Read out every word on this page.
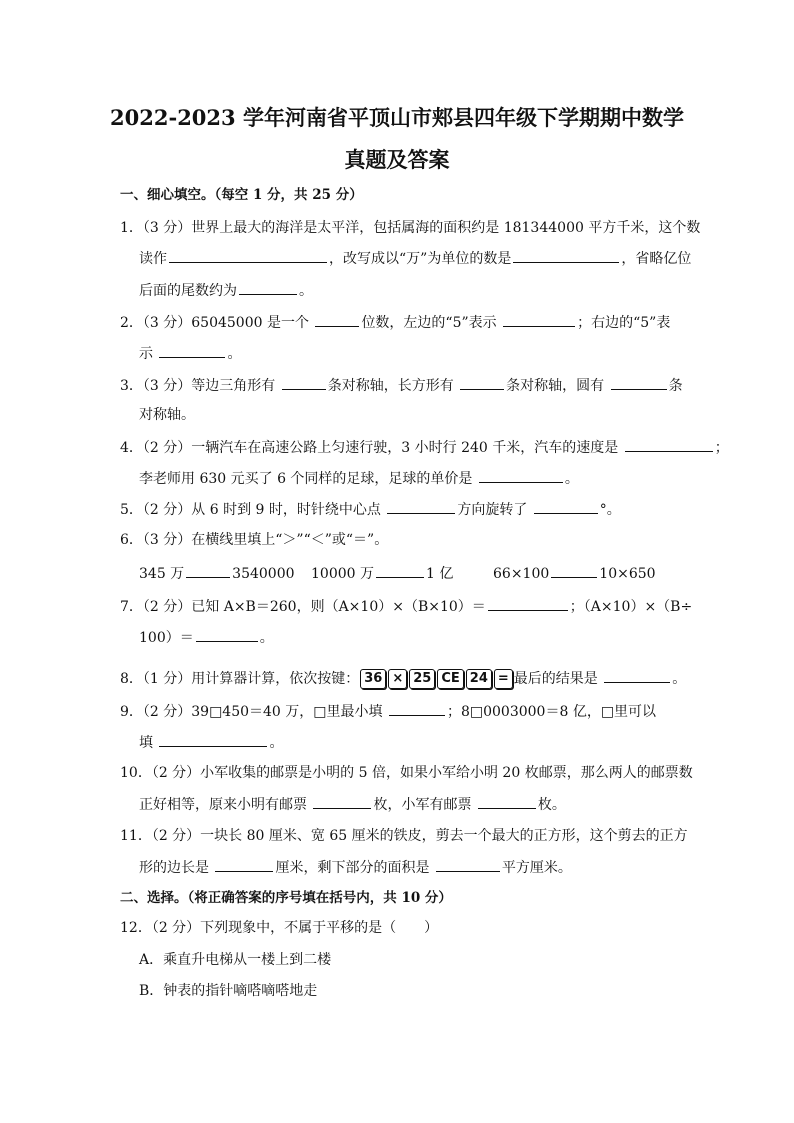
2022-2023 学年河南省平顶山市郏县四年级下学期期中数学
真题及答案
一、细心填空。（每空 1 分，共 25 分）
1．（3 分）世界上最大的海洋是太平洋，包括属海的面积约是 181344000 平方千米，这个数
读作	，改写成以“万”为单位的数是	，省略亿位
后面的尾数约为	。
2．（3 分）65045000 是一个	位数，左边的“5”表示	；右边的“5”表
示	。
3．（3 分）等边三角形有	条对称轴，长方形有	条对称轴，圆有	条
对称轴。
4．（2 分）一辆汽车在高速公路上匀速行驶，3 小时行 240 千米，汽车的速度是	；
李老师用 630 元买了 6 个同样的足球，足球的单价是	。
5．（2 分）从 6 时到 9 时，时针绕中心点	方向旋转了	°。
6．（3 分）在横线里填上“＞”“＜”或“＝”。
345 万	3540000 10000 万	1 亿	66×100	10×650
7．（2 分）已知 A×B＝260，则（A×10）×（B×10）＝	；（A×10）×（B÷
100）＝	。
8．（1 分）用计算器计算，依次按键： 36 × 25 CE 24 = 最后的结果是	。
9．（2 分）39□450＝40 万，□里最小填	；8□0003000＝8 亿，□里可以
填	。
10．（2 分）小军收集的邮票是小明的 5 倍，如果小军给小明 20 枚邮票，那么两人的邮票数
正好相等，原来小明有邮票	枚，小军有邮票	枚。
11．（2 分）一块长 80 厘米、宽 65 厘米的铁皮，剪去一个最大的正方形，这个剪去的正方
形的边长是	厘米，剩下部分的面积是	平方厘米。
二、选择。（将正确答案的序号填在括号内，共 10 分）
12．（2 分）下列现象中，不属于平移的是（　　）
A．乘直升电梯从一楼上到二楼
B．钟表的指针嘀嗒嘀嗒地走
